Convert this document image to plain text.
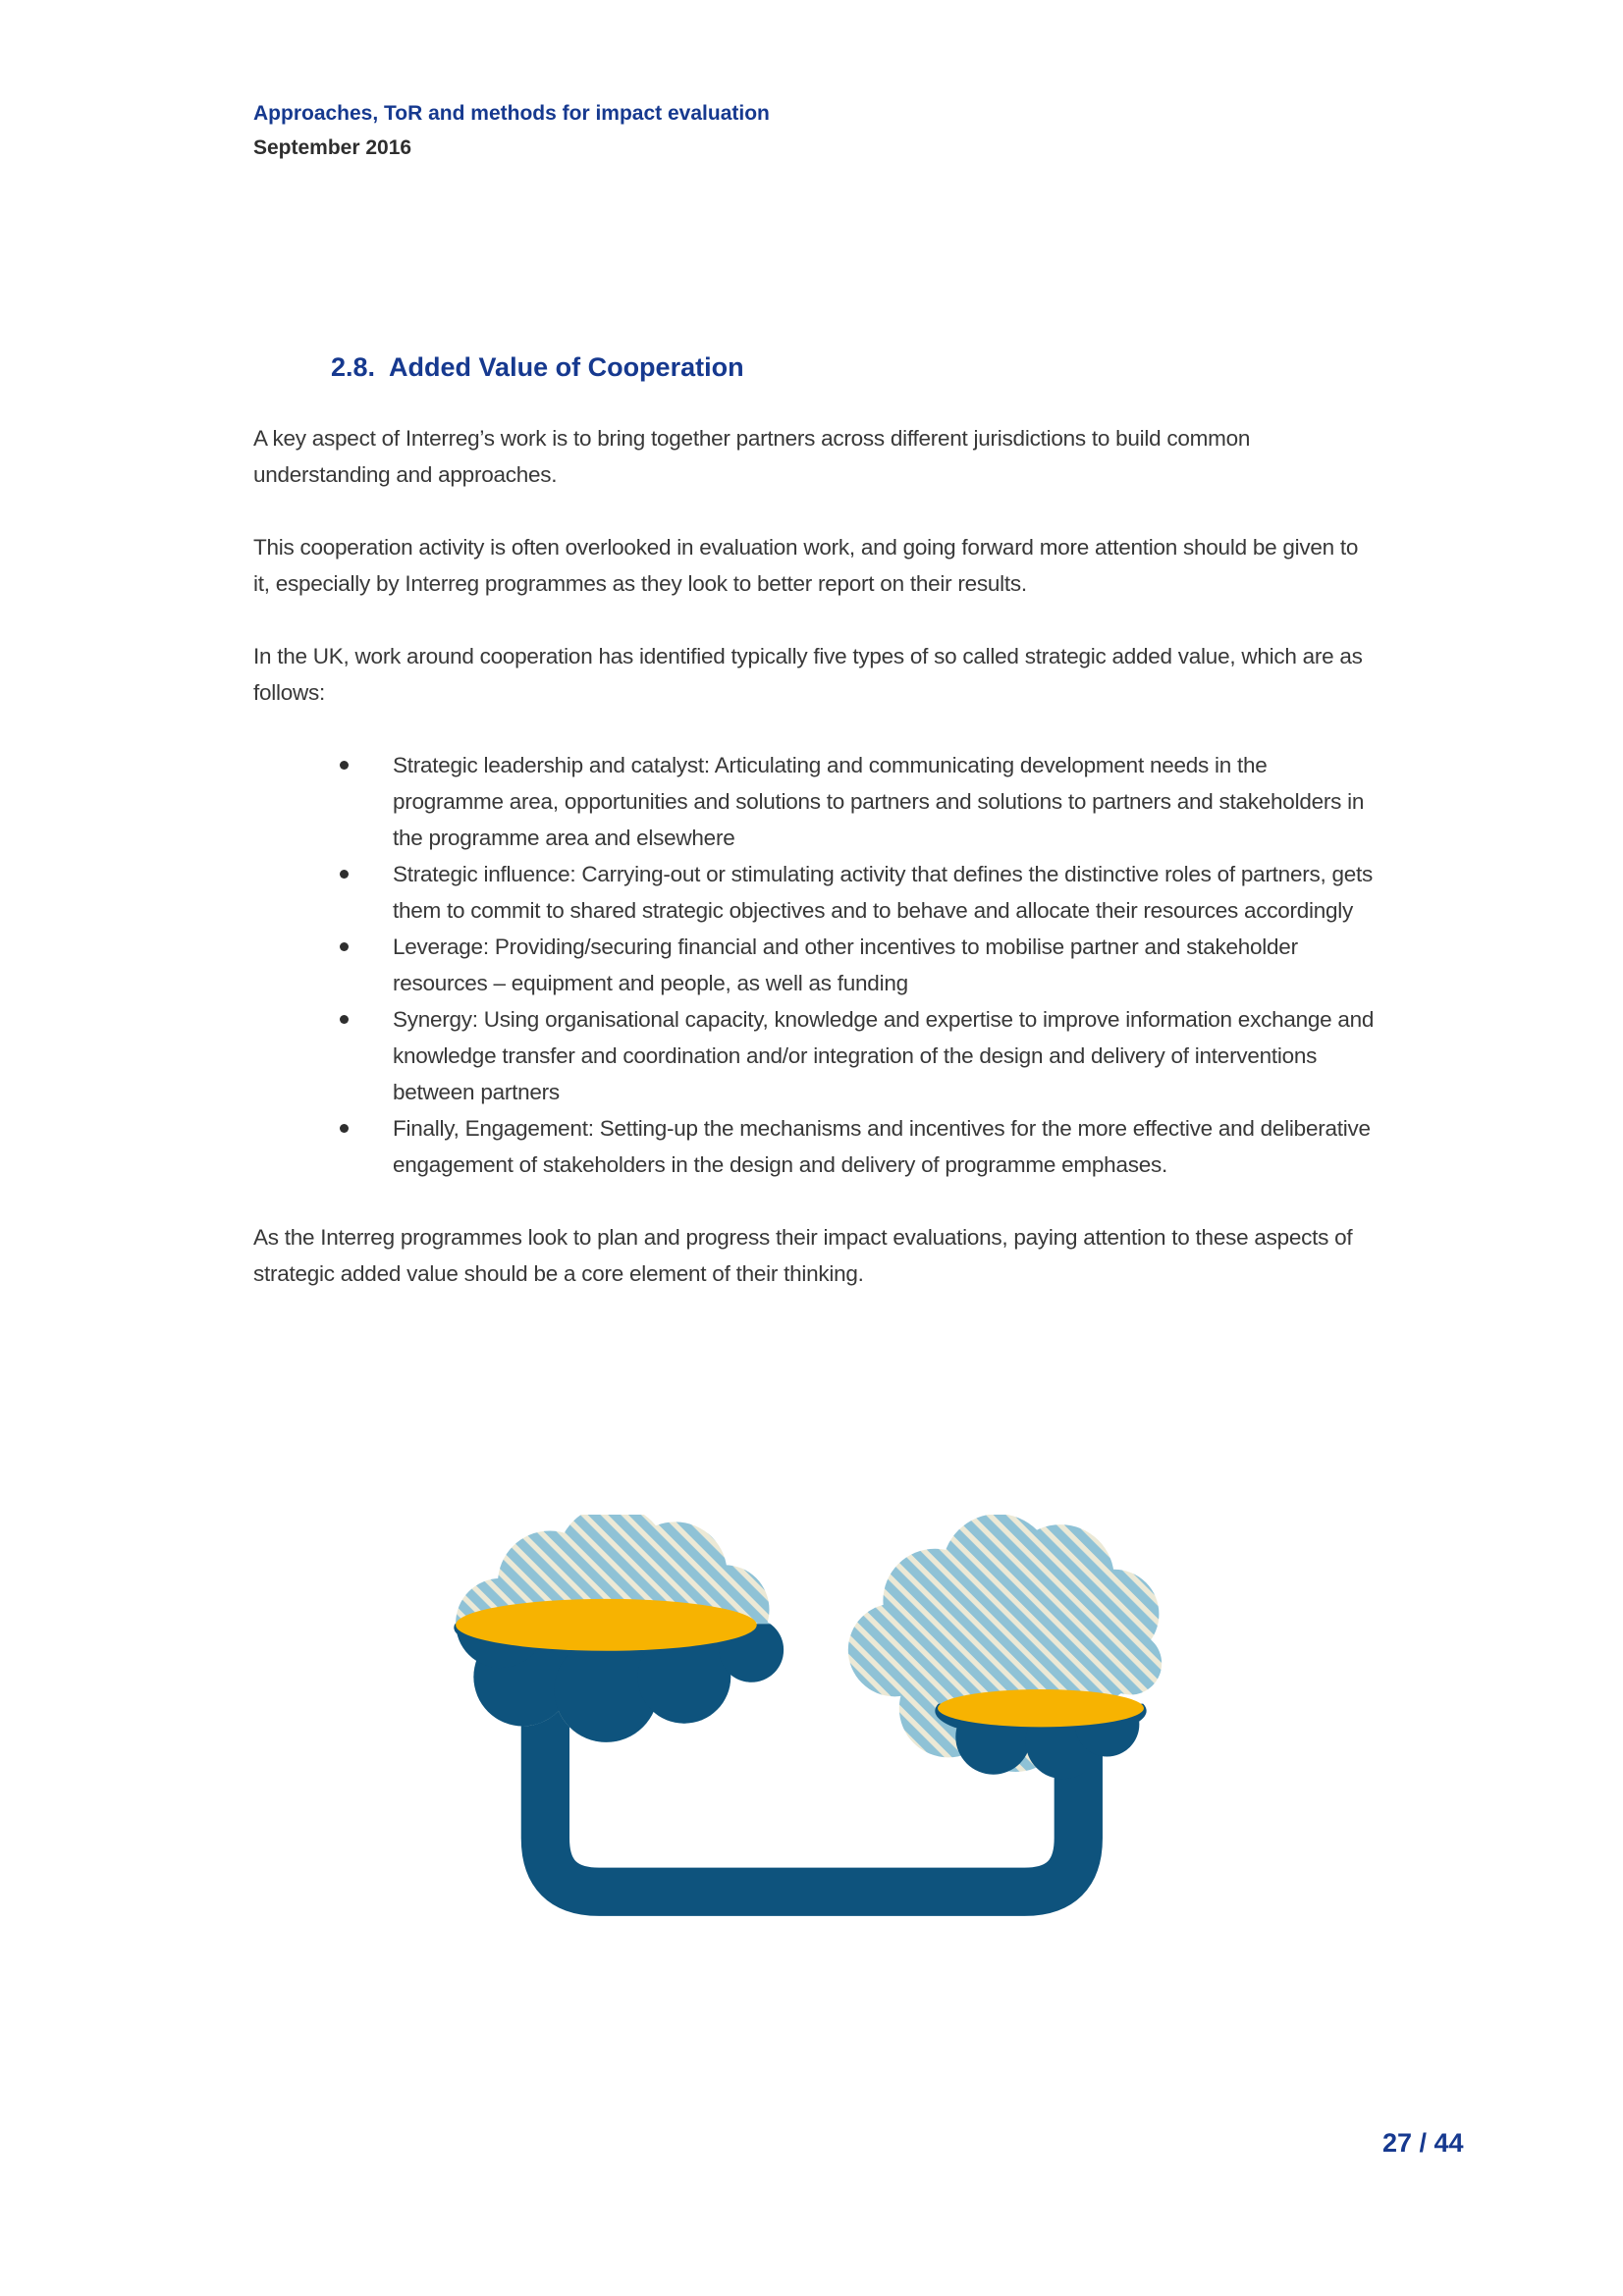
Approaches, ToR and methods for impact evaluation
September 2016
2.8. Added Value of Cooperation

A key aspect of Interreg’s work is to bring together partners across different jurisdictions to build common understanding and approaches.

This cooperation activity is often overlooked in evaluation work, and going forward more attention should be given to it, especially by Interreg programmes as they look to better report on their results.

In the UK, work around cooperation has identified typically five types of so called strategic added value, which are as follows:

Strategic leadership and catalyst: Articulating and communicating development needs in the programme area, opportunities and solutions to partners and solutions to partners and stakeholders in the programme area and elsewhere
Strategic influence: Carrying-out or stimulating activity that defines the distinctive roles of partners, gets them to commit to shared strategic objectives and to behave and allocate their resources accordingly
Leverage: Providing/securing financial and other incentives to mobilise partner and stakeholder resources – equipment and people, as well as funding
Synergy: Using organisational capacity, knowledge and expertise to improve information exchange and knowledge transfer and coordination and/or integration of the design and delivery of interventions between partners
Finally, Engagement: Setting-up the mechanisms and incentives for the more effective and deliberative engagement of stakeholders in the design and delivery of programme emphases.

As the Interreg programmes look to plan and progress their impact evaluations, paying attention to these aspects of strategic added value should be a core element of their thinking.

27 / 44
